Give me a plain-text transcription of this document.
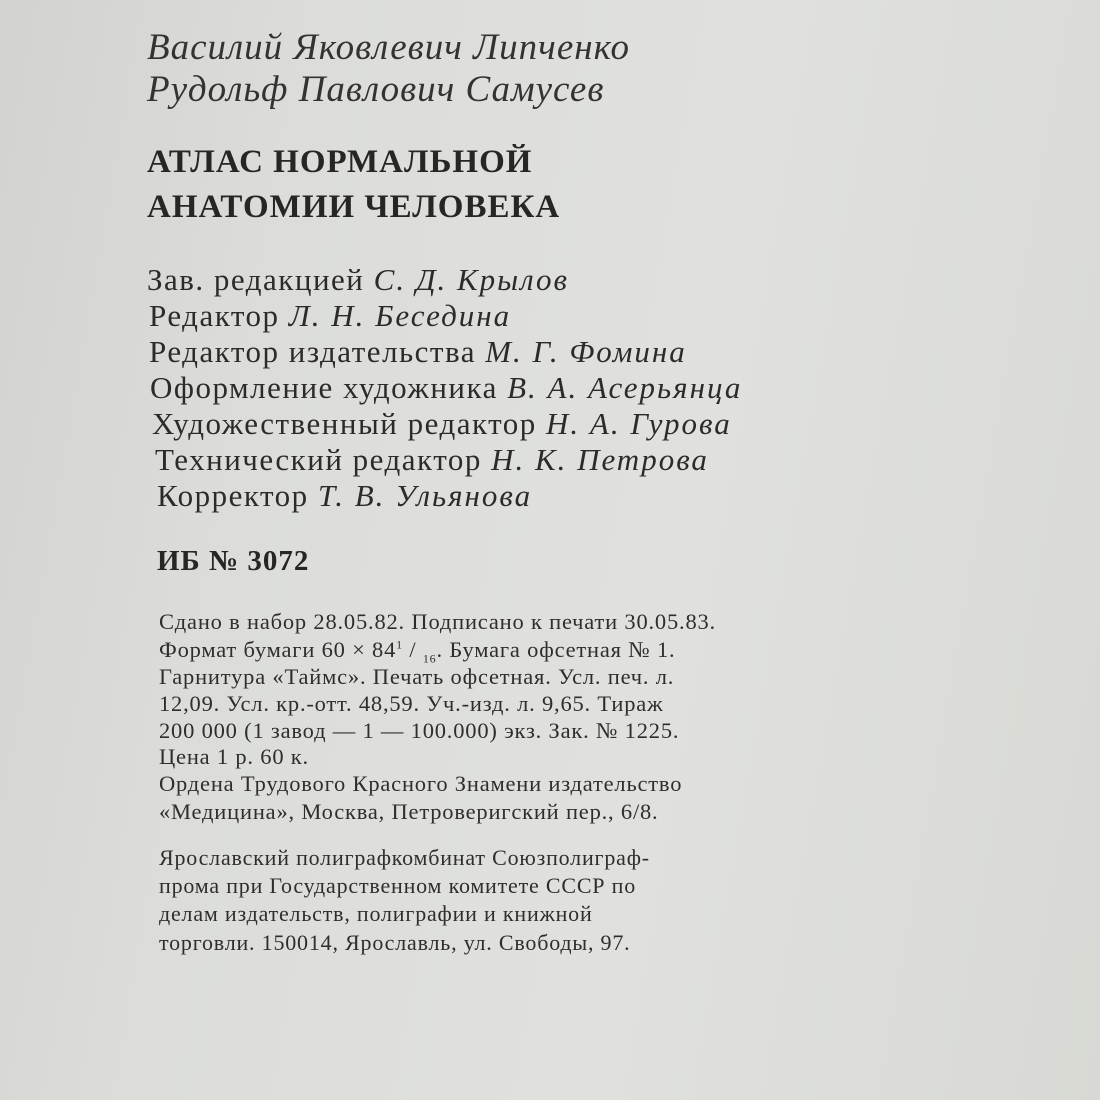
Василий Яковлевич Липченко

Рудольф Павлович Самусев

АТЛАС НОРМАЛЬНОЙ

АНАТОМИИ ЧЕЛОВЕКА

Зав. редакцией С. Д. Крылов

Редактор Л. Н. Беседина

Редактор издательства М. Г. Фомина

Оформление художника В. А. Асерьянца

Художественный редактор Н. А. Гурова

Технический редактор Н. К. Петрова

Корректор Т. В. Ульянова

ИБ № 3072

Сдано в набор 28.05.82. Подписано к печати 30.05.83.

Формат бумаги $60 \times 84^1 / _{16}$. Бумага офсетная № 1.

Гарнитура «Таймс». Печать офсетная. Усл. печ. л.

12,09. Усл. кр.-отт. 48,59. Уч.-изд. л. 9,65. Тираж

200 000 (1 завод — 1 — 100.000) экз. Зак. № 1225.

Цена 1 р. 60 к.

Ордена Трудового Красного Знамени издательство

«Медицина», Москва, Петроверигский пер., 6/8.

Ярославский полиграфкомбинат Союзполиграф-

прома при Государственном комитете СССР по

делам издательств, полиграфии и книжной

торговли. 150014, Ярославль, ул. Свободы, 97.
